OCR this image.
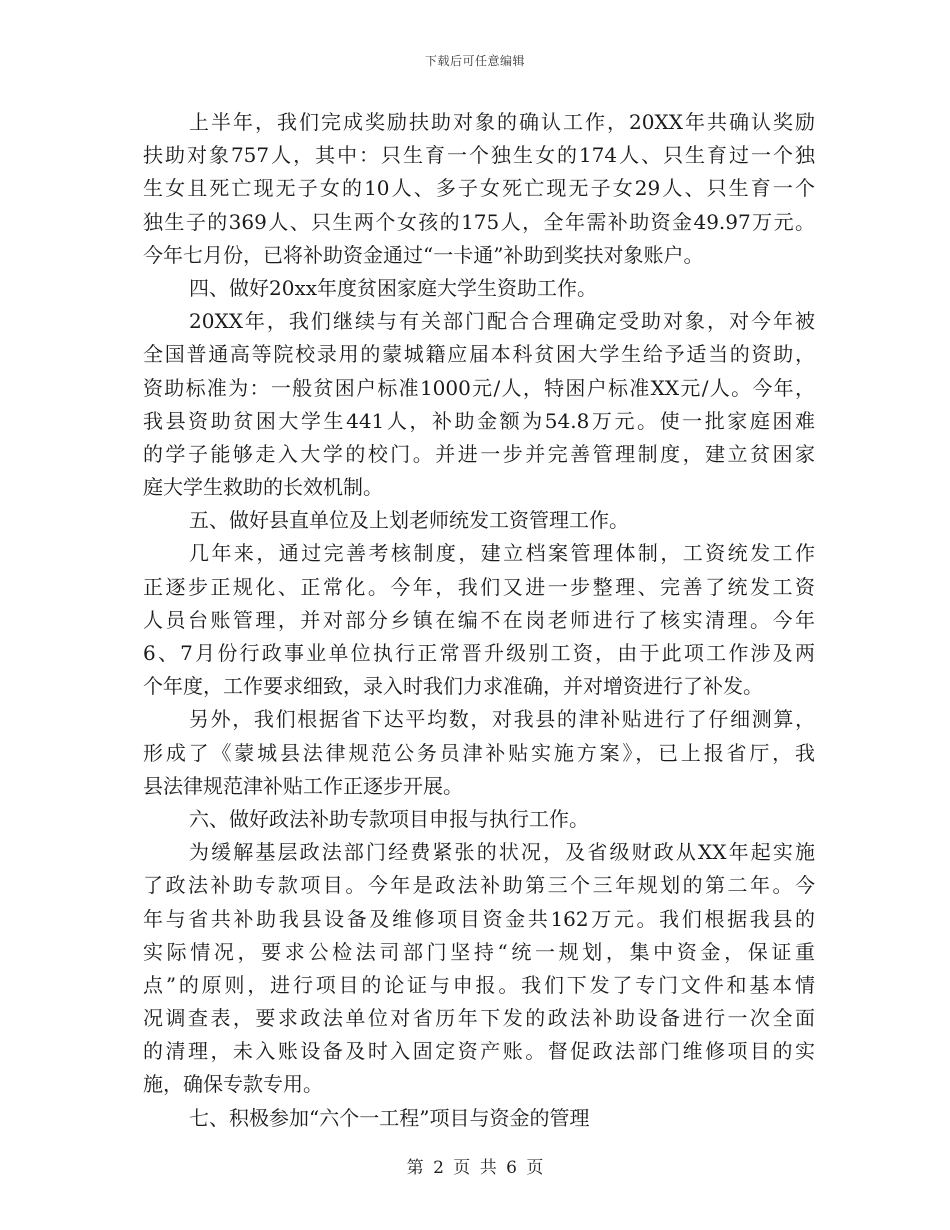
下载后可任意编辑
上半年，我们完成奖励扶助对象的确认工作，20XX年共确认奖励
扶助对象757人，其中：只生育一个独生女的174人、只生育过一个独
生女且死亡现无子女的10人、多子女死亡现无子女29人、只生育一个
独生子的369人、只生两个女孩的175人，全年需补助资金49.97万元。
今年七月份，已将补助资金通过“一卡通”补助到奖扶对象账户。
四、做好20xx年度贫困家庭大学生资助工作。
20XX年，我们继续与有关部门配合合理确定受助对象，对今年被
全国普通高等院校录用的蒙城籍应届本科贫困大学生给予适当的资助，
资助标准为：一般贫困户标准1000元/人，特困户标准XX元/人。今年，
我县资助贫困大学生441人，补助金额为54.8万元。使一批家庭困难
的学子能够走入大学的校门。并进一步并完善管理制度，建立贫困家
庭大学生救助的长效机制。
五、做好县直单位及上划老师统发工资管理工作。
几年来，通过完善考核制度，建立档案管理体制，工资统发工作
正逐步正规化、正常化。今年，我们又进一步整理、完善了统发工资
人员台账管理，并对部分乡镇在编不在岗老师进行了核实清理。今年
6、7月份行政事业单位执行正常晋升级别工资，由于此项工作涉及两
个年度，工作要求细致，录入时我们力求准确，并对增资进行了补发。
另外，我们根据省下达平均数，对我县的津补贴进行了仔细测算，
形成了《蒙城县法律规范公务员津补贴实施方案》，已上报省厅，我
县法律规范津补贴工作正逐步开展。
六、做好政法补助专款项目申报与执行工作。
为缓解基层政法部门经费紧张的状况，及省级财政从XX年起实施
了政法补助专款项目。今年是政法补助第三个三年规划的第二年。今
年与省共补助我县设备及维修项目资金共162万元。我们根据我县的
实际情况，要求公检法司部门坚持“统一规划，集中资金，保证重
点”的原则，进行项目的论证与申报。我们下发了专门文件和基本情
况调查表，要求政法单位对省历年下发的政法补助设备进行一次全面
的清理，未入账设备及时入固定资产账。督促政法部门维修项目的实
施，确保专款专用。
七、积极参加“六个一工程”项目与资金的管理
第 2 页 共 6 页
